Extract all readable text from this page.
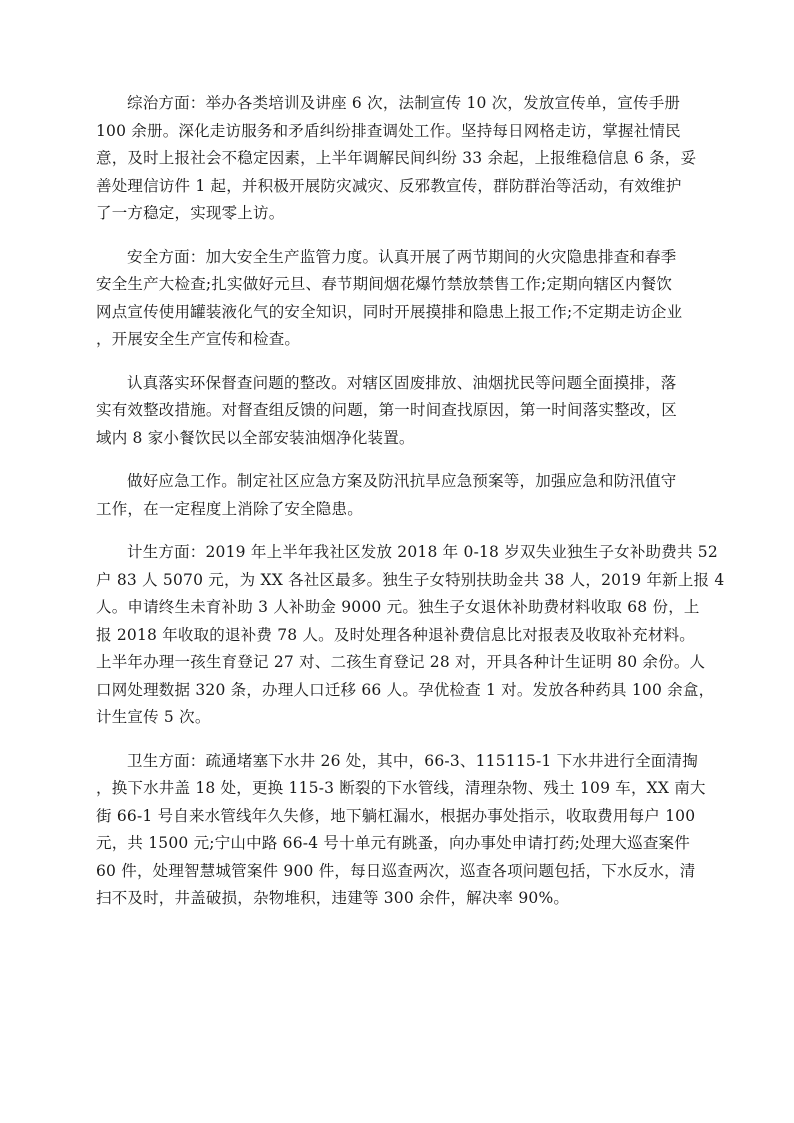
综治方面：举办各类培训及讲座 6 次，法制宣传 10 次，发放宣传单，宣传手册
100 余册。深化走访服务和矛盾纠纷排查调处工作。坚持每日网格走访，掌握社情民
意，及时上报社会不稳定因素，上半年调解民间纠纷 33 余起，上报维稳信息 6 条，妥
善处理信访件 1 起，并积极开展防灾减灾、反邪教宣传，群防群治等活动，有效维护
了一方稳定，实现零上访。

安全方面：加大安全生产监管力度。认真开展了两节期间的火灾隐患排查和春季
安全生产大检查;扎实做好元旦、春节期间烟花爆竹禁放禁售工作;定期向辖区内餐饮
网点宣传使用罐装液化气的安全知识，同时开展摸排和隐患上报工作;不定期走访企业
，开展安全生产宣传和检查。

认真落实环保督查问题的整改。对辖区固废排放、油烟扰民等问题全面摸排，落
实有效整改措施。对督查组反馈的问题，第一时间查找原因，第一时间落实整改，区
域内 8 家小餐饮民以全部安装油烟净化装置。

做好应急工作。制定社区应急方案及防汛抗旱应急预案等，加强应急和防汛值守
工作，在一定程度上消除了安全隐患。

计生方面：2019 年上半年我社区发放 2018 年 0-18 岁双失业独生子女补助费共 52
户 83 人 5070 元，为 XX 各社区最多。独生子女特别扶助金共 38 人，2019 年新上报 4
人。申请终生未育补助 3 人补助金 9000 元。独生子女退休补助费材料收取 68 份，上
报 2018 年收取的退补费 78 人。及时处理各种退补费信息比对报表及收取补充材料。
上半年办理一孩生育登记 27 对、二孩生育登记 28 对，开具各种计生证明 80 余份。人
口网处理数据 320 条，办理人口迁移 66 人。孕优检查 1 对。发放各种药具 100 余盒，
计生宣传 5 次。

卫生方面：疏通堵塞下水井 26 处，其中，66-3、115115-1 下水井进行全面清掏
，换下水井盖 18 处，更换 115-3 断裂的下水管线，清理杂物、残土 109 车，XX 南大
街 66-1 号自来水管线年久失修，地下躺杠漏水，根据办事处指示，收取费用每户 100
元，共 1500 元;宁山中路 66-4 号十单元有跳蚤，向办事处申请打药;处理大巡查案件
60 件，处理智慧城管案件 900 件，每日巡查两次，巡查各项问题包括，下水反水，清
扫不及时，井盖破损，杂物堆积，违建等 300 余件，解决率 90%。
